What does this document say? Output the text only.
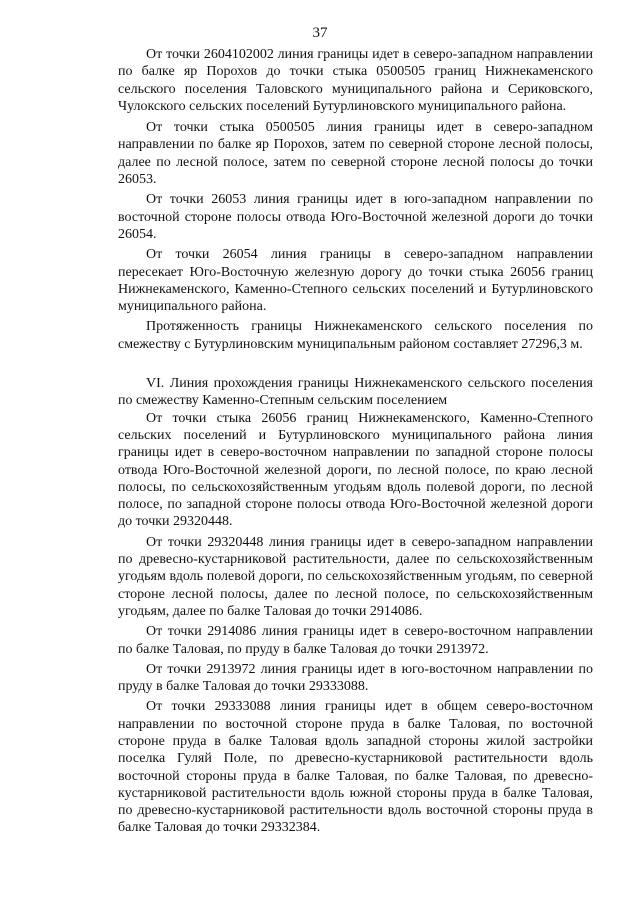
37

От точки 2604102002 линия границы идет в северо-западном направлении по балке яр Порохов до точки стыка 0500505 границ Нижнекаменского сельского поселения Таловского муниципального района и Сериковского, Чулокского сельских поселений Бутурлиновского муниципального района.

От точки стыка 0500505 линия границы идет в северо-западном направлении по балке яр Порохов, затем по северной стороне лесной полосы, далее по лесной полосе, затем по северной стороне лесной полосы до точки 26053.

От точки 26053 линия границы идет в юго-западном направлении по восточной стороне полосы отвода Юго-Восточной железной дороги до точки 26054.

От точки 26054 линия границы в северо-западном направлении пересекает Юго-Восточную железную дорогу до точки стыка 26056 границ Нижнекаменского, Каменно-Степного сельских поселений и Бутурлиновского муниципального района.

Протяженность границы Нижнекаменского сельского поселения по смежеству с Бутурлиновским муниципальным районом составляет 27296,3 м.

VI. Линия прохождения границы Нижнекаменского сельского поселения по смежеству Каменно-Степным сельским поселением

От точки стыка 26056 границ Нижнекаменского, Каменно-Степного сельских поселений и Бутурлиновского муниципального района линия границы идет в северо-восточном направлении по западной стороне полосы отвода Юго-Восточной железной дороги, по лесной полосе, по краю лесной полосы, по сельскохозяйственным угодьям вдоль полевой дороги, по лесной полосе, по западной стороне полосы отвода Юго-Восточной железной дороги до точки 29320448.

От точки 29320448 линия границы идет в северо-западном направлении по древесно-кустарниковой растительности, далее по сельскохозяйственным угодьям вдоль полевой дороги, по сельскохозяйственным угодьям, по северной стороне лесной полосы, далее по лесной полосе, по сельскохозяйственным угодьям, далее по балке Таловая до точки 2914086.

От точки 2914086 линия границы идет в северо-восточном направлении по балке Таловая, по пруду в балке Таловая до точки 2913972.

От точки 2913972 линия границы идет в юго-восточном направлении по пруду в балке Таловая до точки 29333088.

От точки 29333088 линия границы идет в общем северо-восточном направлении по восточной стороне пруда в балке Таловая, по восточной стороне пруда в балке Таловая вдоль западной стороны жилой застройки поселка Гуляй Поле, по древесно-кустарниковой растительности вдоль восточной стороны пруда в балке Таловая, по балке Таловая, по древесно-кустарниковой растительности вдоль южной стороны пруда в балке Таловая, по древесно-кустарниковой растительности вдоль восточной стороны пруда в балке Таловая до точки 29332384.
